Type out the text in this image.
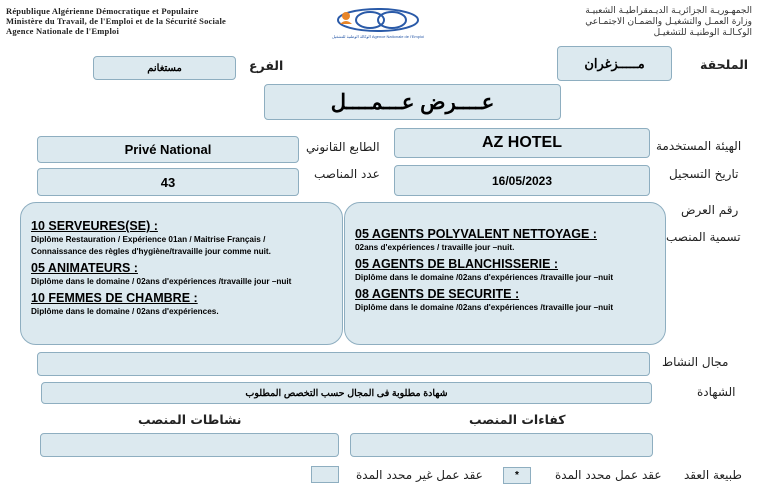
République Algérienne Démocratique et Populaire
Ministère du Travail, de l'Emploi et de la Sécurité Sociale
Agence Nationale de l'Emploi
الوكالة الوطنية للتشغيل Agence Nationale de l'Emploi
الجمهـوريـة الجزائريـة الديـمقراطيـة الشعبيـة
وزارة العمـل والتشغيـل والضمـان الاجتمـاعي
الوكـالـة الوطنيـة للتشغيـل
الملحقة
مـــــزغران
الفرع
مستغانم
عــــرض عـــمــــل
الهيئة المستخدمة
AZ HOTEL
الطابع القانوني
Privé National
تاريخ التسجيل
16/05/2023
عدد المناصب
43
رقم العرض
تسمية المنصب
10 SERVEURES(SE) :

Diplôme Restauration / Expérience 01an / Maitrise Français /

Connaissance des règles d'hygiène/travaille jour comme nuit.

05 ANIMATEURS :

Diplôme dans le domaine / 02ans d'expériences /travaille jour –nuit

10 FEMMES DE CHAMBRE :

Diplôme dans le domaine / 02ans d'expériences.

05 AGENTS POLYVALENT NETTOYAGE :

02ans d'expériences / travaille jour –nuit.

05 AGENTS DE BLANCHISSERIE :

Diplôme dans le domaine /02ans d'expériences /travaille jour –nuit

08 AGENTS DE SECURITE :

Diplôme dans le domaine /02ans d'expériences /travaille jour –nuit

مجال النشاط
الشهادة
شهادة مطلوبة فى المجال حسب التخصص المطلوب
نشاطات المنصب	كفاءات المنصب
طبيعة العقد
عقد عمل محدد المدة
*
عقد عمل غير محدد المدة
